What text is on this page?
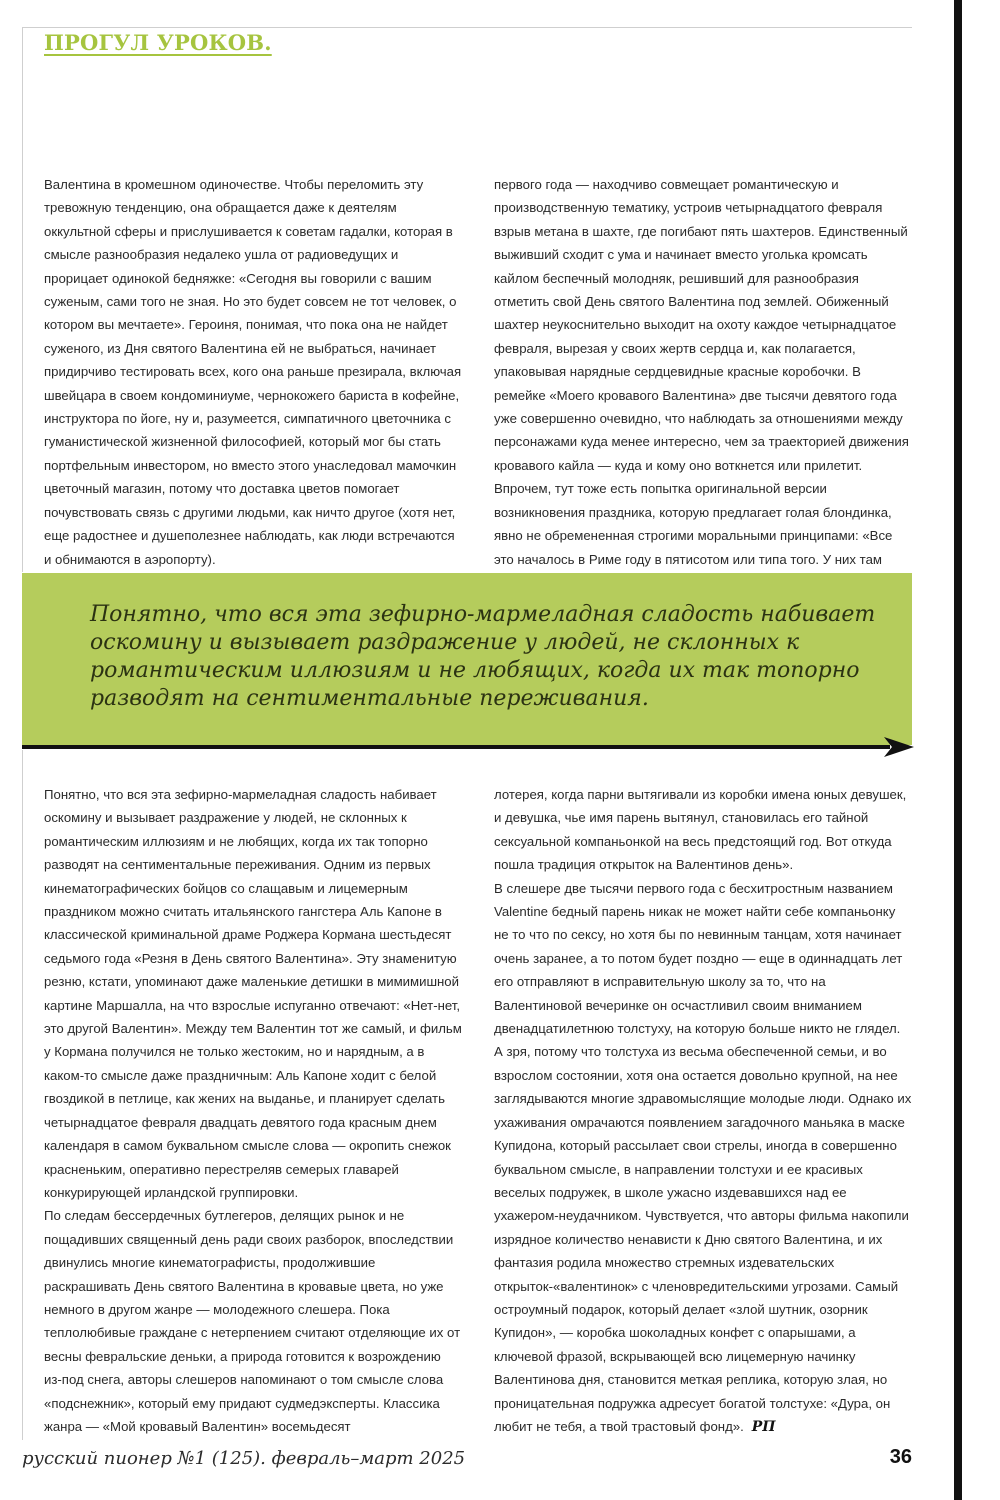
ПРОГУЛ УРОКОВ.

Валентина в кромешном одиночестве. Чтобы переломить эту тревожную тенденцию, она обращается даже к деятелям оккультной сферы и прислушивается к советам гадалки, которая в смысле разнообразия недалеко ушла от радиоведущих и прорицает одинокой бедняжке: «Сегодня вы говорили с вашим суженым, сами того не зная. Но это будет совсем не тот человек, о котором вы мечтаете». Героиня, понимая, что пока она не найдет суженого, из Дня святого Валентина ей не выбраться, начинает придирчиво тестировать всех, кого она раньше презирала, включая швейцара в своем кондоминиуме, чернокожего бариста в кофейне, инструктора по йоге, ну и, разумеется, симпатичного цветочника с гуманистической жизненной философией, который мог бы стать портфельным инвестором, но вместо этого унаследовал мамочкин цветочный магазин, потому что доставка цветов помогает почувствовать связь с другими людьми, как ничто другое (хотя нет, еще радостнее и душеполезнее наблюдать, как люди встречаются и обнимаются в аэропорту).

первого года — находчиво совмещает романтическую и производственную тематику, устроив четырнадцатого февраля взрыв метана в шахте, где погибают пять шахтеров. Единственный выживший сходит с ума и начинает вместо уголька кромсать кайлом беспечный молодняк, решивший для разнообразия отметить свой День святого Валентина под землей. Обиженный шахтер неукоснительно выходит на охоту каждое четырнадцатое февраля, вырезая у своих жертв сердца и, как полагается, упаковывая нарядные сердцевидные красные коробочки. В ремейке «Моего кровавого Валентина» две тысячи девятого года уже совершенно очевидно, что наблюдать за отношениями между персонажами куда менее интересно, чем за траекторией движения кровавого кайла — куда и кому оно воткнется или прилетит. Впрочем, тут тоже есть попытка оригинальной версии возникновения праздника, которую предлагает голая блондинка, явно не обремененная строгими моральными принципами: «Все это началось в Риме году в пятисотом или типа того. У них там

Понятно, что вся эта зефирно-мармеладная сладость набивает оскомину и вызывает раздражение у людей, не склонных к романтическим иллюзиям и не любящих, когда их так топорно разводят на сентиментальные переживания.

Понятно, что вся эта зефирно-мармеладная сладость набивает оскомину и вызывает раздражение у людей, не склонных к романтическим иллюзиям и не любящих, когда их так топорно разводят на сентиментальные переживания. Одним из первых кинематографических бойцов со слащавым и лицемерным праздником можно считать итальянского гангстера Аль Капоне в классической криминальной драме Роджера Кормана шестьдесят седьмого года «Резня в День святого Валентина». Эту знаменитую резню, кстати, упоминают даже маленькие детишки в мимимишной картине Маршалла, на что взрослые испуганно отвечают: «Нет-нет, это другой Валентин». Между тем Валентин тот же самый, и фильм у Кормана получился не только жестоким, но и нарядным, а в каком-то смысле даже праздничным: Аль Капоне ходит с белой гвоздикой в петлице, как жених на выданье, и планирует сделать четырнадцатое февраля двадцать девятого года красным днем календаря в самом буквальном смысле слова — окропить снежок красненьким, оперативно перестреляв семерых главарей конкурирующей ирландской группировки.

По следам бессердечных бутлегеров, делящих рынок и не пощадивших священный день ради своих разборок, впоследствии двинулись многие кинематографисты, продолжившие раскрашивать День святого Валентина в кровавые цвета, но уже немного в другом жанре — молодежного слешера. Пока теплолюбивые граждане с нетерпением считают отделяющие их от весны февральские деньки, а природа готовится к возрождению из-под снега, авторы слешеров напоминают о том смысле слова «подснежник», который ему придают судмедэксперты. Классика жанра — «Мой кровавый Валентин» восемьдесят

лотерея, когда парни вытягивали из коробки имена юных девушек, и девушка, чье имя парень вытянул, становилась его тайной сексуальной компаньонкой на весь предстоящий год. Вот откуда пошла традиция открыток на Валентинов день».

В слешере две тысячи первого года с бесхитростным названием Valentine бедный парень никак не может найти себе компаньонку не то что по сексу, но хотя бы по невинным танцам, хотя начинает очень заранее, а то потом будет поздно — еще в одиннадцать лет его отправляют в исправительную школу за то, что на Валентиновой вечеринке он осчастливил своим вниманием двенадцатилетнюю толстуху, на которую больше никто не глядел. А зря, потому что толстуха из весьма обеспеченной семьи, и во взрослом состоянии, хотя она остается довольно крупной, на нее заглядываются многие здравомыслящие молодые люди. Однако их ухаживания омрачаются появлением загадочного маньяка в маске Купидона, который рассылает свои стрелы, иногда в совершенно буквальном смысле, в направлении толстухи и ее красивых веселых подружек, в школе ужасно издевавшихся над ее ухажером-неудачником. Чувствуется, что авторы фильма накопили изрядное количество ненависти к Дню святого Валентина, и их фантазия родила множество стремных издевательских открыток-«валентинок» с членовредительскими угрозами. Самый остроумный подарок, который делает «злой шутник, озорник Купидон», — коробка шоколадных конфет с опарышами, а ключевой фразой, вскрывающей всю лицемерную начинку Валентинова дня, становится меткая реплика, которую злая, но проницательная подружка адресует богатой толстухе: «Дура, он любит не тебя, а твой трастовый фонд». РП

русский пионер №1 (125). февраль–март 2025	36
